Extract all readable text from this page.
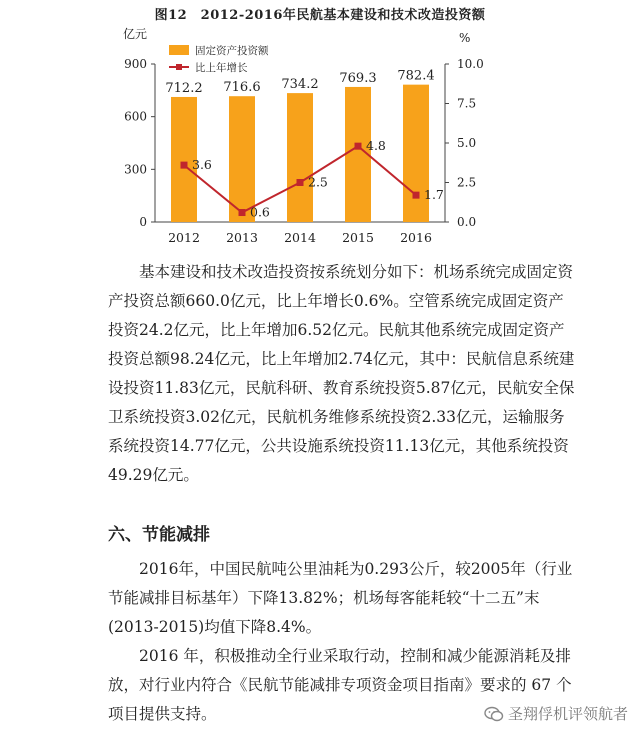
图12　2012-2016年民航基本建设和技术改造投资额
0
300
600
900
亿元
0.0
2.5
5.0
7.5
10.0
%
712.2 716.6 734.2 769.3 782.4
2012 2013 2014 2015 2016
3.6
0.6
2.5
4.8
1.7
固定资产投资额
比上年增长

基本建设和技术改造投资按系统划分如下：机场系统完成固定资产投资总额660.0亿元，比上年增长0.6%。空管系统完成固定资产投资24.2亿元，比上年增加6.52亿元。民航其他系统完成固定资产投资总额98.24亿元，比上年增加2.74亿元，其中：民航信息系统建设投资11.83亿元，民航科研、教育系统投资5.87亿元，民航安全保卫系统投资3.02亿元，民航机务维修系统投资2.33亿元，运输服务系统投资14.77亿元，公共设施系统投资11.13亿元，其他系统投资49.29亿元。

六、节能减排

2016年，中国民航吨公里油耗为0.293公斤，较2005年（行业节能减排目标基年）下降13.82%；机场每客能耗较“十二五”末(2013-2015)均值下降8.4%。

2016 年，积极推动全行业采取行动，控制和减少能源消耗及排放，对行业内符合《民航节能减排专项资金项目指南》要求的 67 个项目提供支持。	圣翔俘机评领航者
